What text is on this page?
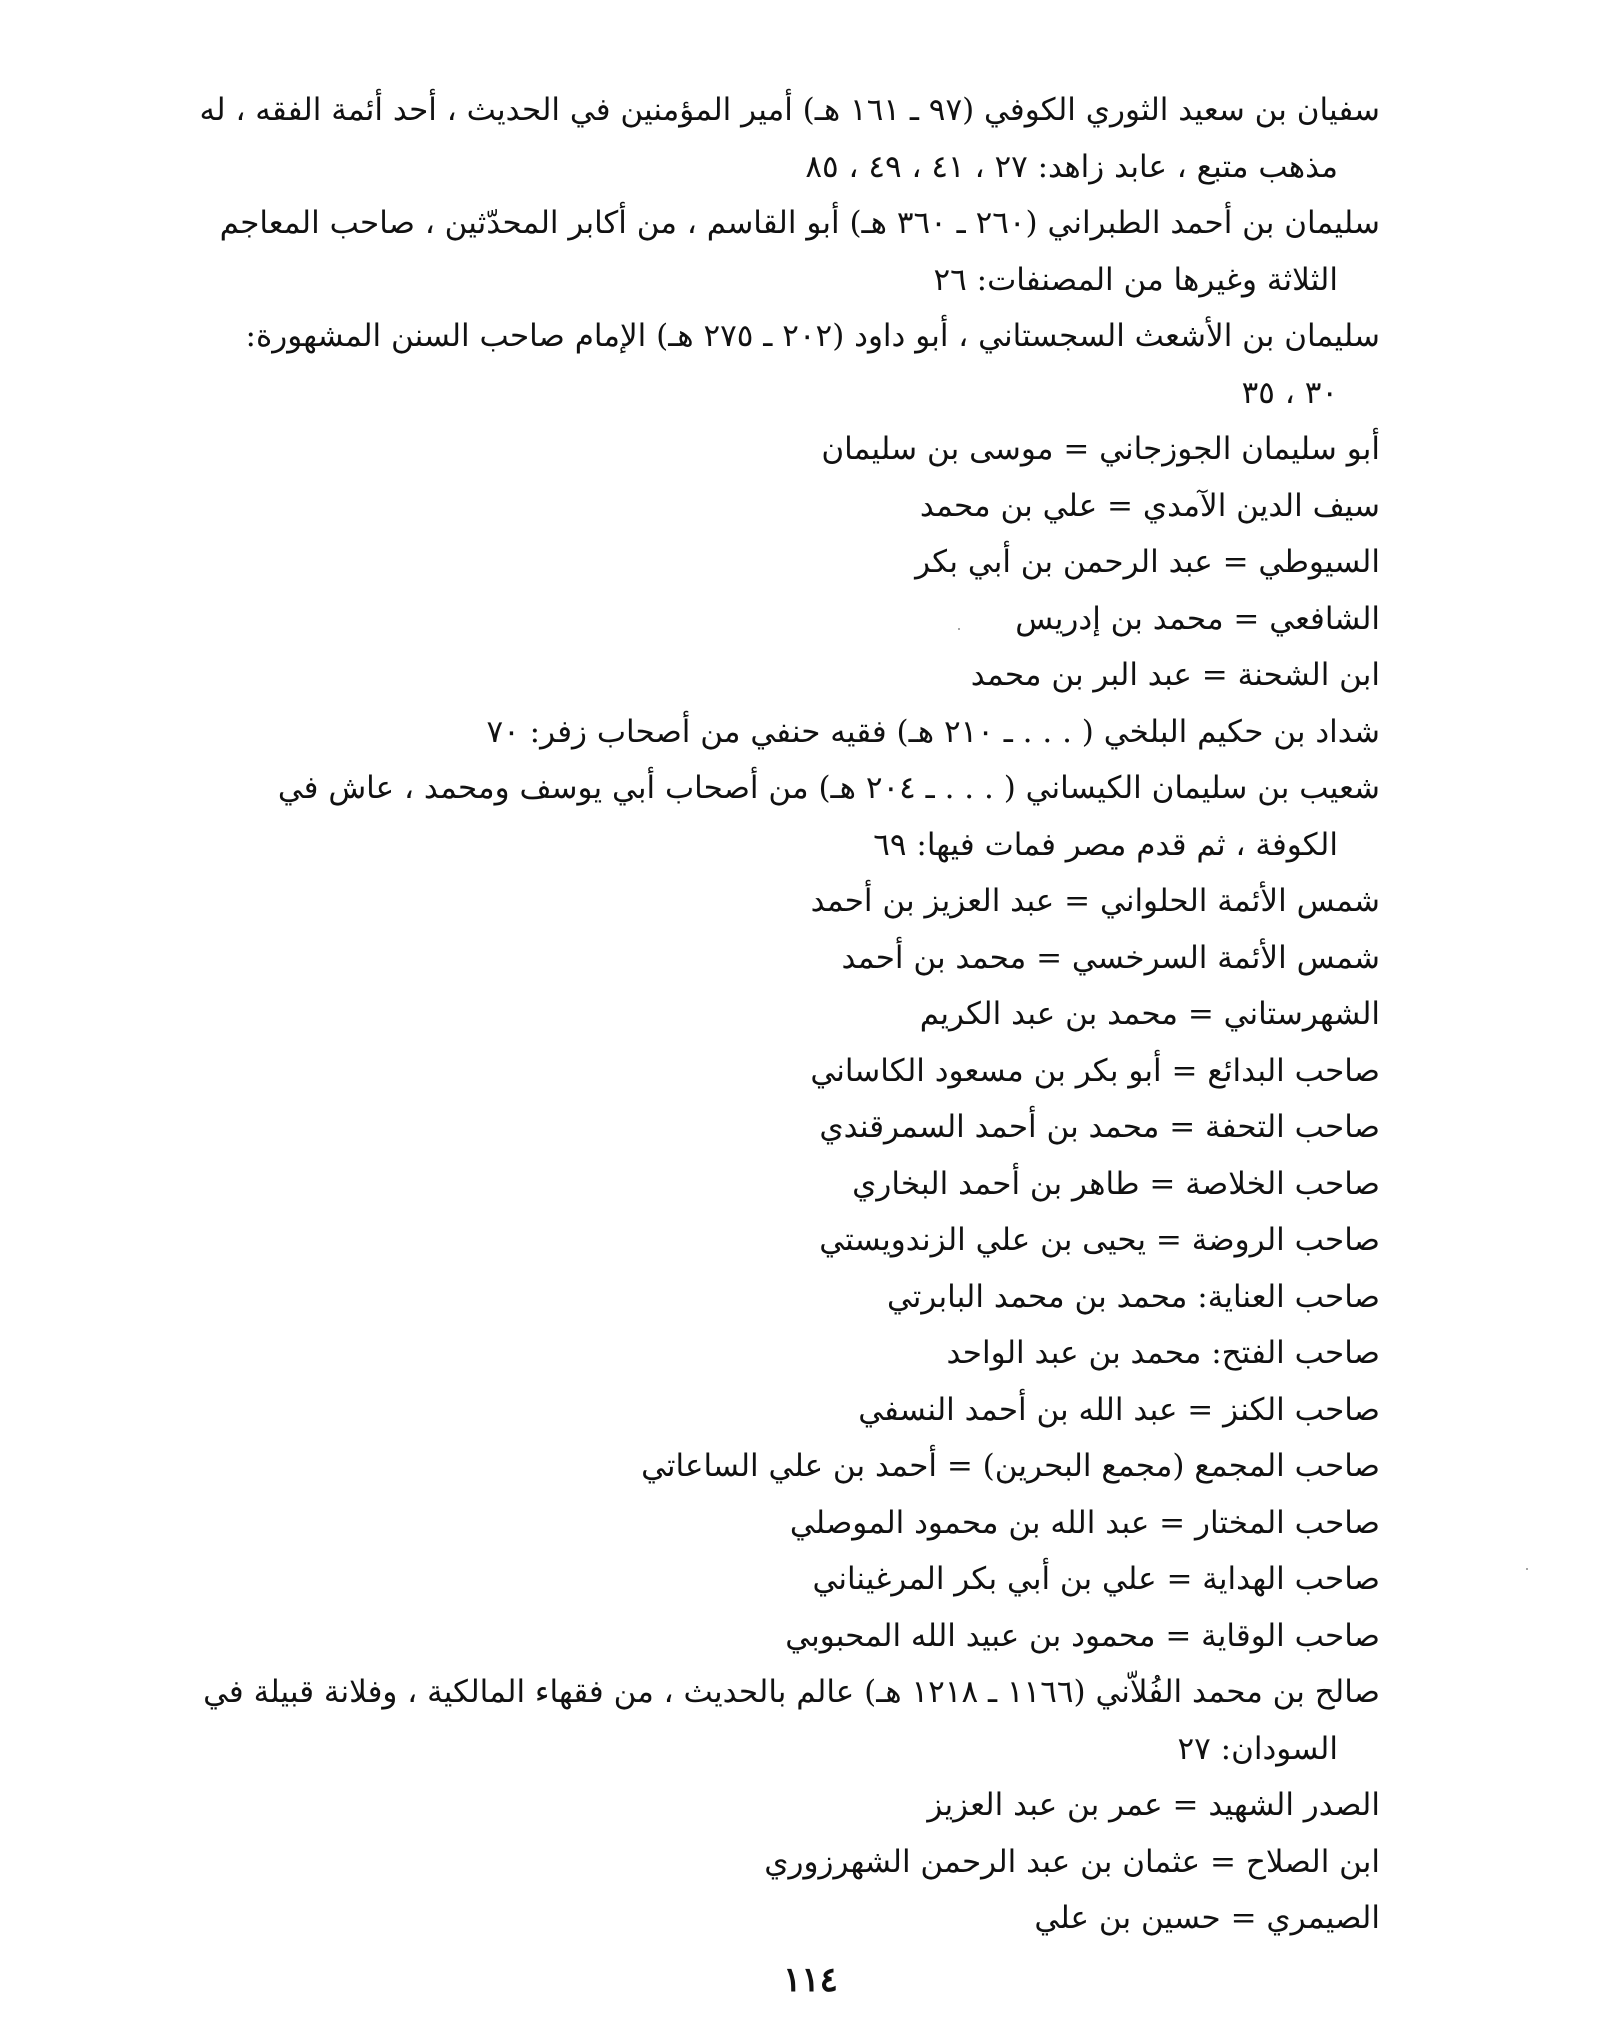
سفيان بن سعيد الثوري الكوفي (٩٧ ـ ١٦١ هـ) أمير المؤمنين في الحديث ، أحد أئمة الفقه ، له
مذهب متبع ، عابد زاهد: ٢٧ ، ٤١ ، ٤٩ ، ٨٥
سليمان بن أحمد الطبراني (٢٦٠ ـ ٣٦٠ هـ) أبو القاسم ، من أكابر المحدّثين ، صاحب المعاجم
الثلاثة وغيرها من المصنفات: ٢٦
سليمان بن الأشعث السجستاني ، أبو داود (٢٠٢ ـ ٢٧٥ هـ) الإمام صاحب السنن المشهورة:
٣٠ ، ٣٥
أبو سليمان الجوزجاني = موسى بن سليمان
سيف الدين الآمدي = علي بن محمد
السيوطي = عبد الرحمن بن أبي بكر
الشافعي = محمد بن إدريس
ابن الشحنة = عبد البر بن محمد
شداد بن حكيم البلخي ( . . . ـ ٢١٠ هـ) فقيه حنفي من أصحاب زفر: ٧٠
شعيب بن سليمان الكيساني ( . . . ـ ٢٠٤ هـ) من أصحاب أبي يوسف ومحمد ، عاش في
الكوفة ، ثم قدم مصر فمات فيها: ٦٩
شمس الأئمة الحلواني = عبد العزيز بن أحمد
شمس الأئمة السرخسي = محمد بن أحمد
الشهرستاني = محمد بن عبد الكريم
صاحب البدائع = أبو بكر بن مسعود الكاساني
صاحب التحفة = محمد بن أحمد السمرقندي
صاحب الخلاصة = طاهر بن أحمد البخاري
صاحب الروضة = يحيى بن علي الزندويستي
صاحب العناية: محمد بن محمد البابرتي
صاحب الفتح: محمد بن عبد الواحد
صاحب الكنز = عبد الله بن أحمد النسفي
صاحب المجمع (مجمع البحرين) = أحمد بن علي الساعاتي
صاحب المختار = عبد الله بن محمود الموصلي
صاحب الهداية = علي بن أبي بكر المرغيناني
صاحب الوقاية = محمود بن عبيد الله المحبوبي
صالح بن محمد الفُلاّني (١١٦٦ ـ ١٢١٨ هـ) عالم بالحديث ، من فقهاء المالكية ، وفلانة قبيلة في
السودان: ٢٧
الصدر الشهيد = عمر بن عبد العزيز
ابن الصلاح = عثمان بن عبد الرحمن الشهرزوري
الصيمري = حسين بن علي
١١٤
